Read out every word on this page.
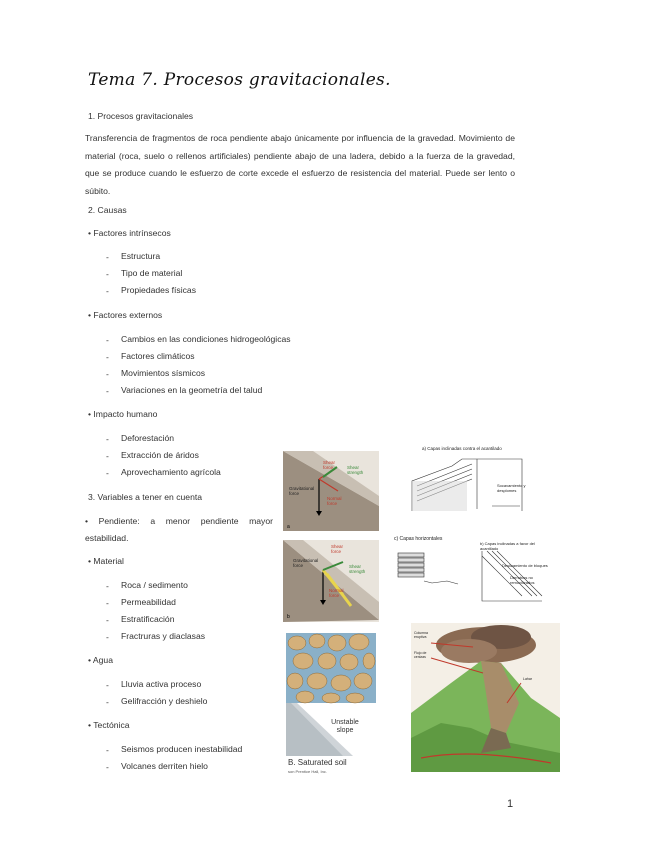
Tema 7. Procesos gravitacionales.
1. Procesos gravitacionales
Transferencia de fragmentos de roca pendiente abajo únicamente por influencia de la gravedad. Movimiento de material (roca, suelo o rellenos artificiales) pendiente abajo de una ladera, debido a la fuerza de la gravedad, que se produce cuando le esfuerzo de corte excede el esfuerzo de resistencia del material. Puede ser lento o súbito.
2. Causas
• Factores intrínsecos
- Estructura
- Tipo de material
- Propiedades físicas
• Factores externos
- Cambios en las condiciones hidrogeológicas
- Factores climáticos
- Movimientos sísmicos
- Variaciones en la geometría del talud
• Impacto humano
- Deforestación
- Extracción de áridos
- Aprovechamiento agrícola
3. Variables a tener en cuenta
• Pendiente: a menor pendiente mayor
estabilidad.
• Material
- Roca / sedimento
- Permeabilidad
- Estratificación
- Fractruras y diaclasas
• Agua
- Lluvia activa proceso
- Gelifracción y deshielo
• Tectónica
- Seismos producen inestabilidad
- Volcanes derriten hielo
a
Shear force	Shear strength
Gravitational force
Normal force
b
Shear force
Shear strength
Gravitational force
Normal force
a) Capas inclinadas contra el acantilado
Socavamiento y desplomes
c) Capas horizontales
b) Capas inclinadas a favor del acantilado
Deslizamiento de bloques
Derrubios no removilizados
Unstable slope
B. Saturated soil
son Prentice Hall, Inc.
Columna eruptiva
Flujo de cenizas
Lahar
1
